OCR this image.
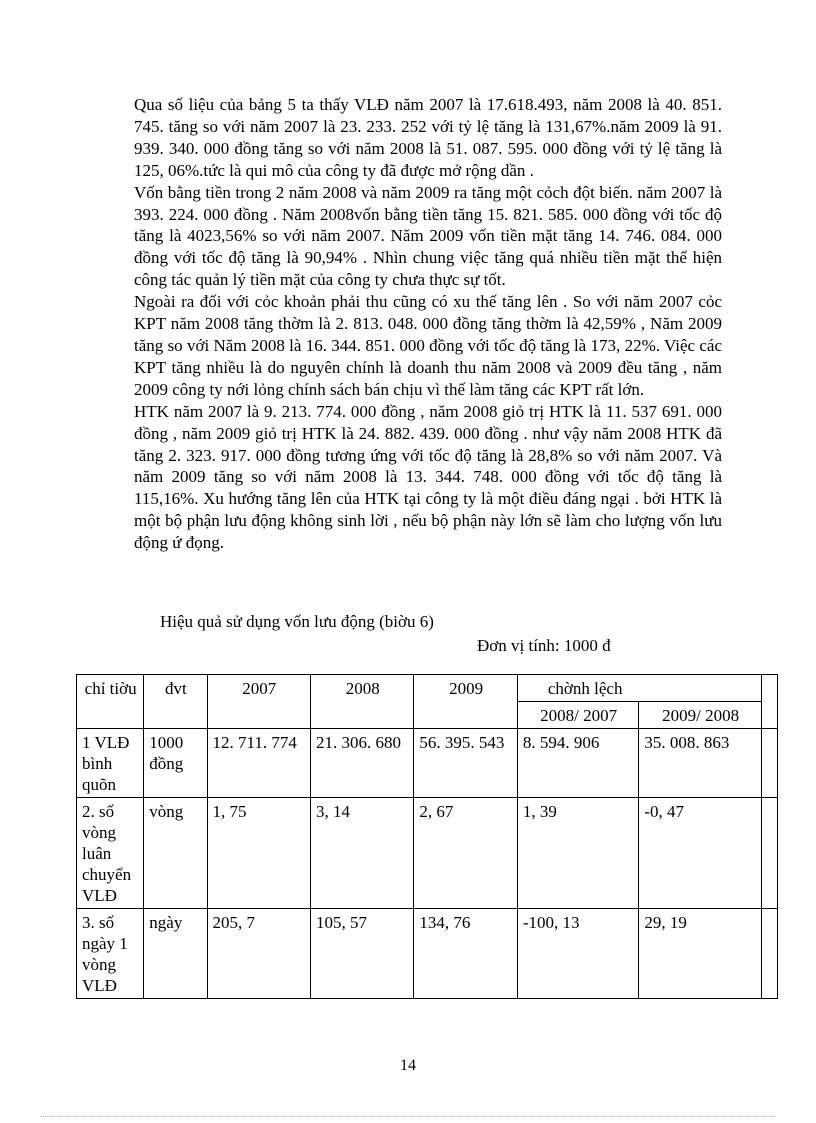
Qua số liệu của bảng 5 ta thấy VLĐ năm 2007 là 17.618.493, năm 2008 là 40. 851. 745. tăng so với năm 2007 là 23. 233. 252 với tỷ lệ tăng là 131,67%.năm 2009 là 91. 939. 340. 000 đồng tăng so với năm 2008 là 51. 087. 595. 000 đồng với tỷ lệ tăng là 125, 06%.tức là qui mô của công ty đã được mở rộng dần .

Vốn bằng tiền trong 2 năm 2008 và năm 2009 ra tăng một cỏch đột biến. năm 2007 là 393. 224. 000 đồng . Năm 2008vốn bằng tiền tăng 15. 821. 585. 000 đồng với tốc độ tăng là 4023,56% so với năm 2007. Năm 2009 vốn tiền mặt tăng 14. 746. 084. 000 đồng với tốc độ tăng là 90,94% . Nhìn chung việc tăng quá nhiều tiền mặt thể hiện công tác quản lý tiền mặt của công ty chưa thực sự tốt.

Ngoài ra đối với cỏc khoản phải thu cũng có xu thế tăng lên . So với năm 2007 cỏc KPT năm 2008 tăng thờm là 2. 813. 048. 000 đồng tăng thờm là 42,59% , Năm 2009 tăng so với Năm 2008 là 16. 344. 851. 000 đồng với tốc độ tăng là 173, 22%. Việc các KPT tăng nhiều là do nguyên chính là doanh thu năm 2008 và 2009 đều tăng , năm 2009 công ty nới lỏng chính sách bán chịu vì thế làm tăng các KPT rất lớn.

HTK năm 2007 là 9. 213. 774. 000 đồng , năm 2008 giỏ trị HTK là 11. 537 691. 000 đồng , năm 2009 giỏ trị HTK là 24. 882. 439. 000 đồng . như vậy năm 2008 HTK đã tăng 2. 323. 917. 000 đồng tương ứng với tốc độ tăng là 28,8% so với năm 2007. Và năm 2009 tăng so với năm 2008 là 13. 344. 748. 000 đồng với tốc độ tăng là 115,16%. Xu hướng tăng lên của HTK tại công ty là một điều đáng ngại . bởi HTK là một bộ phận lưu động không sinh lời , nếu bộ phận này lớn sẽ làm cho lượng vốn lưu động ứ đọng.

Hiệu quả sử dụng vốn lưu động (biờu 6)
Đơn vị tính: 1000 đ
chỉ tiờu	đvt	2007	2008	2009	chờnh lệch		
					2008/ 2007	2009/ 2008	
1 VLĐ bình quõn	1000 đồng	12. 711. 774	21. 306. 680	56. 395. 543	8. 594. 906	35. 008. 863	
2. số vòng luân chuyển VLĐ	vòng	1, 75	3, 14	2, 67	1, 39	-0, 47	
3. số ngày 1 vòng VLĐ	ngày	205, 7	105, 57	134, 76	-100, 13	29, 19	
14
